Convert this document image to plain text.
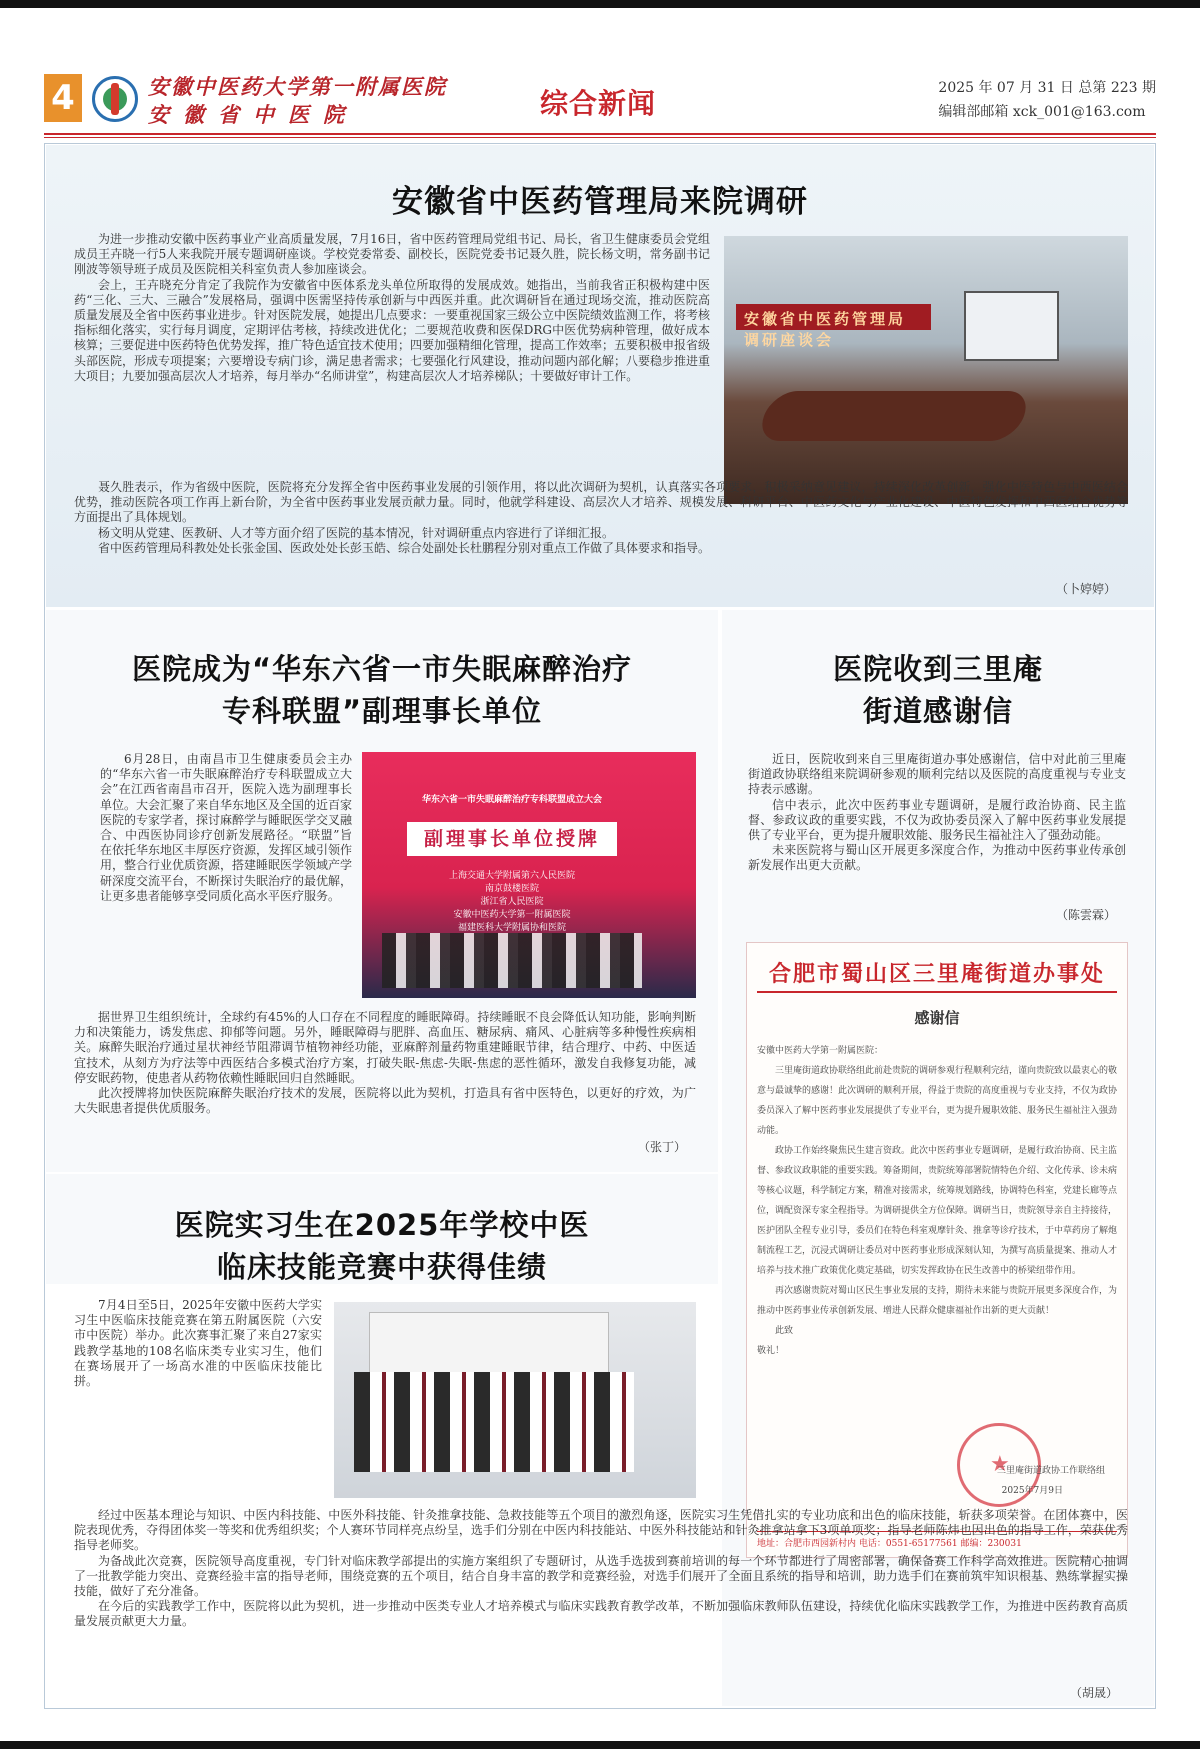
4	安徽中医药大学第一附属医院
安徽省中医院	综合新闻	2025 年 07 月 31 日 总第 223 期
编辑部邮箱 xck_001@163.com
安徽省中医药管理局来院调研
安徽省中医药管理局调研座谈会

为进一步推动安徽中医药事业产业高质量发展，7月16日，省中医药管理局党组书记、局长，省卫生健康委员会党组成员王卉晓一行5人来我院开展专题调研座谈。学校党委常委、副校长，医院党委书记聂久胜，院长杨文明，常务副书记刚波等领导班子成员及医院相关科室负责人参加座谈会。

会上，王卉晓充分肯定了我院作为安徽省中医体系龙头单位所取得的发展成效。她指出，当前我省正积极构建中医药“三化、三大、三融合”发展格局，强调中医需坚持传承创新与中西医并重。此次调研旨在通过现场交流，推动医院高质量发展及全省中医药事业进步。针对医院发展，她提出几点要求：一要重视国家三级公立中医院绩效监测工作，将考核指标细化落实，实行每月调度，定期评估考核，持续改进优化；二要规范收费和医保DRG中医优势病种管理，做好成本核算；三要促进中医药特色优势发挥，推广特色适宜技术使用；四要加强精细化管理，提高工作效率；五要积极申报省级头部医院，形成专项提案；六要增设专病门诊，满足患者需求；七要强化行风建设，推动问题内部化解；八要稳步推进重大项目；九要加强高层次人才培养，每月举办“名师讲堂”，构建高层次人才培养梯队；十要做好审计工作。

聂久胜表示，作为省级中医院，医院将充分发挥全省中医药事业发展的引领作用，将以此次调研为契机，认真落实各项要求，积极采纳意见建议，持续深化改革创新，强化中医特色与中西医结合优势，推动医院各项工作再上新台阶，为全省中医药事业发展贡献力量。同时，他就学科建设、高层次人才培养、规模发展、科研平台、中医药文化与产业化建设、中医特色发挥和中西医结合优势等方面提出了具体规划。

杨文明从党建、医教研、人才等方面介绍了医院的基本情况，针对调研重点内容进行了详细汇报。

省中医药管理局科教处处长张金国、医政处处长彭玉皓、综合处副处长杜鹏程分别对重点工作做了具体要求和指导。

（卜婷婷）
医院成为“华东六省一市失眠麻醉治疗
专科联盟”副理事长单位
华东六省一市失眠麻醉治疗专科联盟成立大会
副理事长单位授牌
上海交通大学附属第六人民医院
南京鼓楼医院
浙江省人民医院
安徽中医药大学第一附属医院
福建医科大学附属协和医院

6月28日，由南昌市卫生健康委员会主办的“华东六省一市失眠麻醉治疗专科联盟成立大会”在江西省南昌市召开，医院入选为副理事长单位。大会汇聚了来自华东地区及全国的近百家医院的专家学者，探讨麻醉学与睡眠医学交叉融合、中西医协同诊疗创新发展路径。“联盟”旨在依托华东地区丰厚医疗资源，发挥区域引领作用，整合行业优质资源，搭建睡眠医学领域产学研深度交流平台，不断探讨失眠治疗的最优解，让更多患者能够享受同质化高水平医疗服务。

据世界卫生组织统计，全球约有45%的人口存在不同程度的睡眠障碍。持续睡眠不良会降低认知功能，影响判断力和决策能力，诱发焦虑、抑郁等问题。另外，睡眠障碍与肥胖、高血压、糖尿病、痛风、心脏病等多种慢性疾病相关。麻醉失眠治疗通过星状神经节阻滞调节植物神经功能，亚麻醉剂量药物重建睡眠节律，结合理疗、中药、中医适宜技术，从刻方为疗法等中西医结合多模式治疗方案，打破失眠-焦虑-失眠-焦虑的恶性循环，激发自我修复功能，减停安眠药物，使患者从药物依赖性睡眠回归自然睡眠。

此次授牌将加快医院麻醉失眠治疗技术的发展，医院将以此为契机，打造具有省中医特色，以更好的疗效，为广大失眠患者提供优质服务。

（张丁）
医院收到三里庵
街道感谢信

近日，医院收到来自三里庵街道办事处感谢信，信中对此前三里庵街道政协联络组来院调研参观的顺利完结以及医院的高度重视与专业支持表示感谢。

信中表示，此次中医药事业专题调研，是履行政治协商、民主监督、参政议政的重要实践，不仅为政协委员深入了解中医药事业发展提供了专业平台，更为提升履职效能、服务民生福祉注入了强劲动能。

未来医院将与蜀山区开展更多深度合作，为推动中医药事业传承创新发展作出更大贡献。

（陈雲霖）
合肥市蜀山区三里庵街道办事处
感谢信
安徽中医药大学第一附属医院：

三里庵街道政协联络组此前赴贵院的调研参观行程顺利完结，谨向贵院致以最衷心的敬意与最诚挚的感谢！此次调研的顺利开展，得益于贵院的高度重视与专业支持，不仅为政协委员深入了解中医药事业发展提供了专业平台，更为提升履职效能、服务民生福祉注入强劲动能。

政协工作始终聚焦民生建言资政。此次中医药事业专题调研，是履行政治协商、民主监督、参政议政职能的重要实践。筹备期间，贵院统筹部署院情特色介绍、文化传承、诊未病等核心议题，科学制定方案，精准对接需求，统筹规划路线，协调特色科室，党建长廊等点位，调配资深专家全程指导。为调研提供全方位保障。调研当日，贵院领导亲自主持接待，医护团队全程专业引导，委员们在特色科室观摩针灸、推拿等诊疗技术，于中草药房了解炮制流程工艺，沉浸式调研让委员对中医药事业形成深刻认知，为撰写高质量提案、推动人才培养与技术推广政策优化奠定基础，切实发挥政协在民生改善中的桥梁纽带作用。

再次感谢贵院对蜀山区民生事业发展的支持，期待未来能与贵院开展更多深度合作，为推动中医药事业传承创新发展、增进人民群众健康福祉作出新的更大贡献！

此致
敬礼！
★
三里庵街道政协工作联络组
2025年7月9日
地址：合肥市西园新村内 电话：0551-65177561 邮编：230031
医院实习生在2025年学校中医
临床技能竞赛中获得佳绩

7月4日至5日，2025年安徽中医药大学实习生中医临床技能竞赛在第五附属医院（六安市中医院）举办。此次赛事汇聚了来自27家实践教学基地的108名临床类专业实习生，他们在赛场展开了一场高水准的中医临床技能比拼。

经过中医基本理论与知识、中医内科技能、中医外科技能、针灸推拿技能、急救技能等五个项目的激烈角逐，医院实习生凭借扎实的专业功底和出色的临床技能，斩获多项荣誉。在团体赛中，医院表现优秀，夺得团体奖一等奖和优秀组织奖；个人赛环节同样亮点纷呈，选手们分别在中医内科技能站、中医外科技能站和针灸推拿站拿下3项单项奖；指导老师陈炜也因出色的指导工作，荣获优秀指导老师奖。

为备战此次竞赛，医院领导高度重视，专门针对临床教学部提出的实施方案组织了专题研讨，从选手选拔到赛前培训的每一个环节都进行了周密部署，确保备赛工作科学高效推进。医院精心抽调了一批教学能力突出、竞赛经验丰富的指导老师，围绕竞赛的五个项目，结合自身丰富的教学和竞赛经验，对选手们展开了全面且系统的指导和培训，助力选手们在赛前筑牢知识根基、熟练掌握实操技能，做好了充分准备。

在今后的实践教学工作中，医院将以此为契机，进一步推动中医类专业人才培养模式与临床实践教育教学改革，不断加强临床教师队伍建设，持续优化临床实践教学工作，为推进中医药教育高质量发展贡献更大力量。

（胡晟）
